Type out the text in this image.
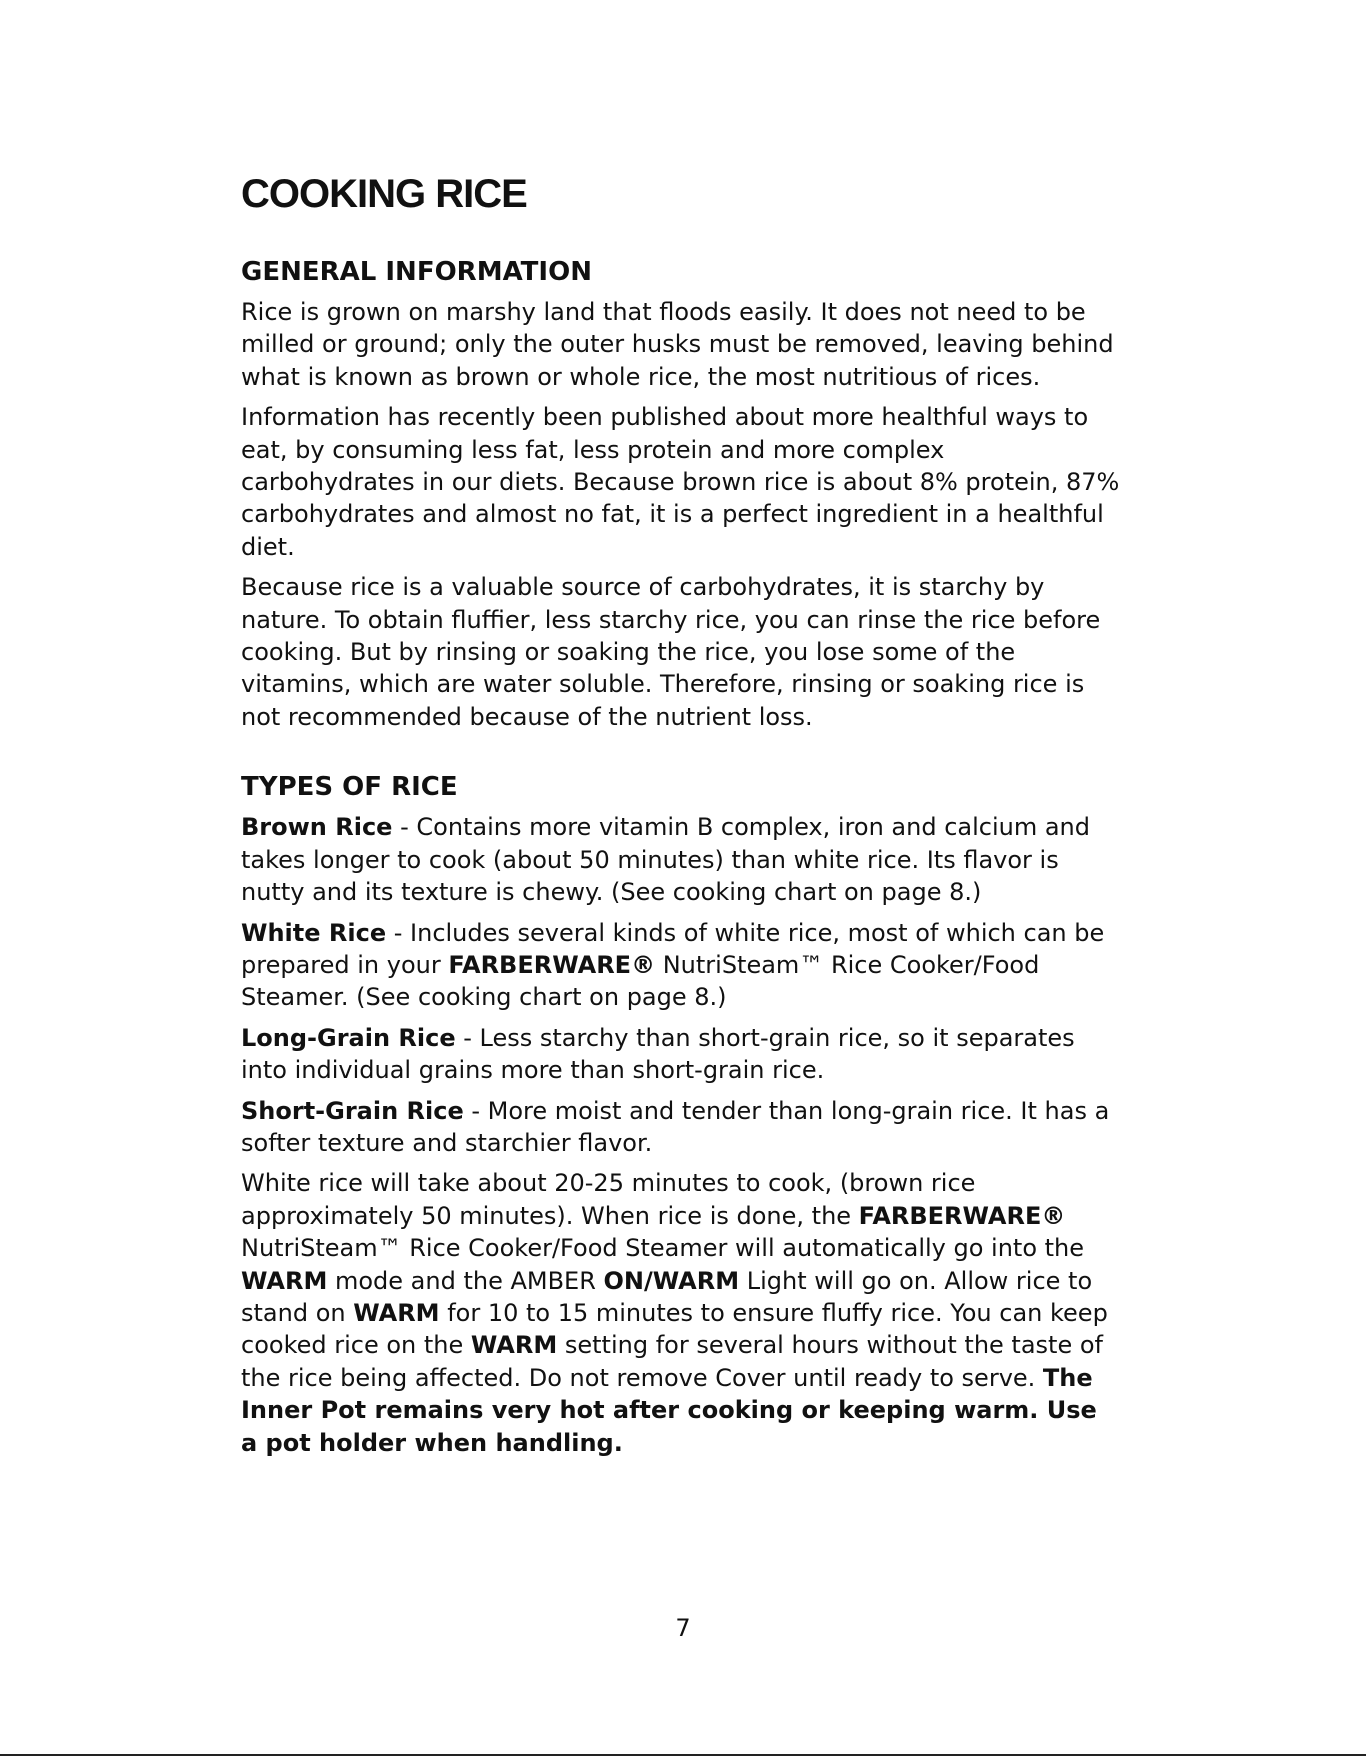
COOKING RICE
GENERAL INFORMATION

Rice is grown on marshy land that floods easily. It does not need to be milled or ground; only the outer husks must be removed, leaving behind what is known as brown or whole rice, the most nutritious of rices.

Information has recently been published about more healthful ways to eat, by consuming less fat, less protein and more complex carbohydrates in our diets. Because brown rice is about 8% protein, 87% carbohydrates and almost no fat, it is a perfect ingredient in a healthful diet.

Because rice is a valuable source of carbohydrates, it is starchy by nature. To obtain fluffier, less starchy rice, you can rinse the rice before cooking. But by rinsing or soaking the rice, you lose some of the vitamins, which are water soluble. Therefore, rinsing or soaking rice is not recommended because of the nutrient loss.

TYPES OF RICE

Brown Rice - Contains more vitamin B complex, iron and calcium and takes longer to cook (about 50 minutes) than white rice. Its flavor is nutty and its texture is chewy. (See cooking chart on page 8.)

White Rice - Includes several kinds of white rice, most of which can be prepared in your FARBERWARE® NutriSteam™ Rice Cooker/Food Steamer. (See cooking chart on page 8.)

Long-Grain Rice - Less starchy than short-grain rice, so it separates into individual grains more than short-grain rice.

Short-Grain Rice - More moist and tender than long-grain rice. It has a softer texture and starchier flavor.

White rice will take about 20-25 minutes to cook, (brown rice approximately 50 minutes). When rice is done, the FARBERWARE® NutriSteam™ Rice Cooker/Food Steamer will automatically go into the WARM mode and the AMBER ON/WARM Light will go on. Allow rice to stand on WARM for 10 to 15 minutes to ensure fluffy rice. You can keep cooked rice on the WARM setting for several hours without the taste of the rice being affected. Do not remove Cover until ready to serve. The Inner Pot remains very hot after cooking or keeping warm. Use a pot holder when handling.

7
